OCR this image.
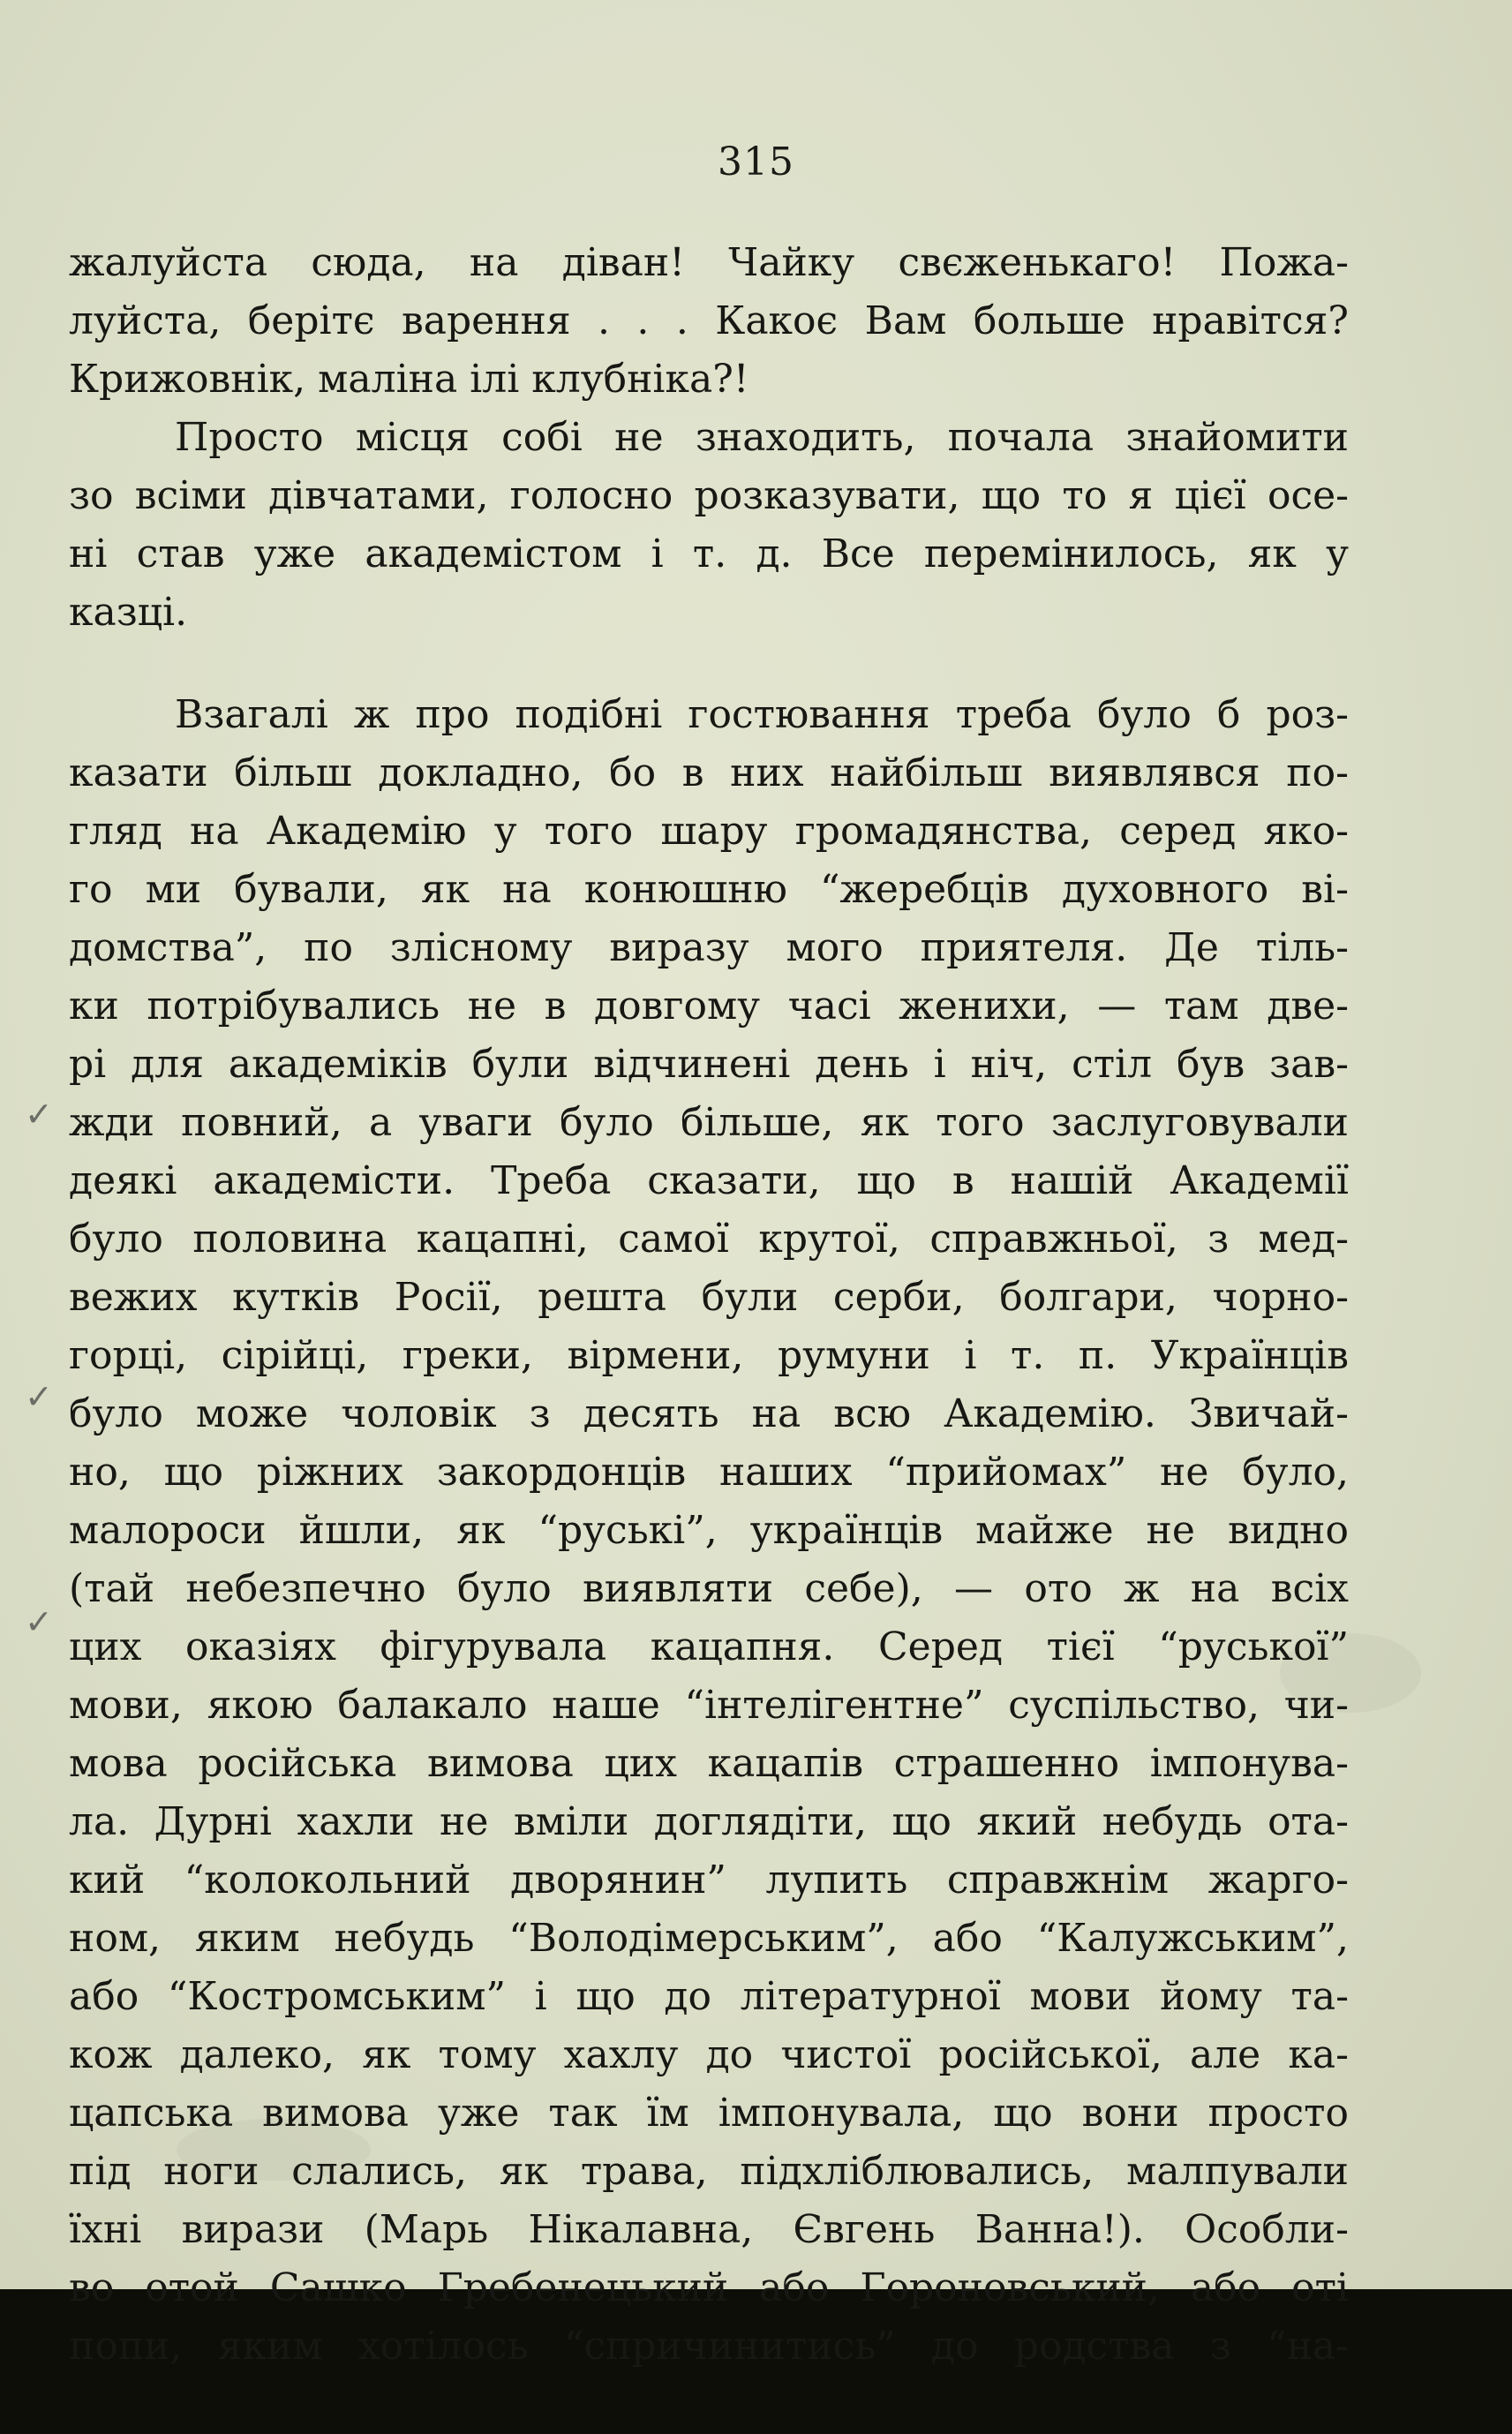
315
жалуйста сюда, на діван! Чайку свєженькаго! Пожа-
луйста, берітє варення . . . Какоє Вам больше нравітся?
Крижовнік, маліна ілі клубніка?!
Просто місця собі не знаходить, почала знайомити
зо всіми дівчатами, голосно розказувати, що то я цієї осе-
ні став уже академістом і т. д. Все перемінилось, як у
казці.
Взагалі ж про подібні гостювання треба було б роз-
казати більш докладно, бо в них найбільш виявлявся по-
гляд на Академію у того шару громадянства, серед яко-
го ми бували, як на конюшню “жеребців духовного ві-
домства”, по злісному виразу мого приятеля. Де тіль-
ки потрібувались не в довгому часі женихи, — там две-
рі для академіків були відчинені день і ніч, стіл був зав-
жди повний, а уваги було більше, як того заслуговували
деякі академісти. Треба сказати, що в нашій Академії
було половина кацапні, самої крутої, справжньої, з мед-
вежих кутків Росії, решта були серби, болгари, чорно-
горці, сірійці, греки, вірмени, румуни і т. п. Українців
було може чоловік з десять на всю Академію. Звичай-
но, що ріжних закордонців наших “прийомах” не було,
малороси йшли, як “руські”, українців майже не видно
(тай небезпечно було виявляти себе), — ото ж на всіх
цих оказіях фігурувала кацапня. Серед тієї “руської”
мови, якою балакало наше “інтелігентне” суспільство, чи-
мова російська вимова цих кацапів страшенно імпонува-
ла. Дурні хахли не вміли доглядіти, що який небудь ота-
кий “колокольний дворянин” лупить справжнім жарго-
ном, яким небудь “Володімерським”, або “Калужським”,
або “Костромським” і що до літературної мови йому та-
кож далеко, як тому хахлу до чистої російської, але ка-
цапська вимова уже так їм імпонувала, що вони просто
під ноги слались, як трава, підхліблювались, малпували
їхні вирази (Марь Нікалавна, Євгень Ванна!). Особли-
во отой Сашко Гребенецький або Гороновський, або оті
попи, яким хотілось “спричинитись” до родства з “на-
✓
✓
✓
